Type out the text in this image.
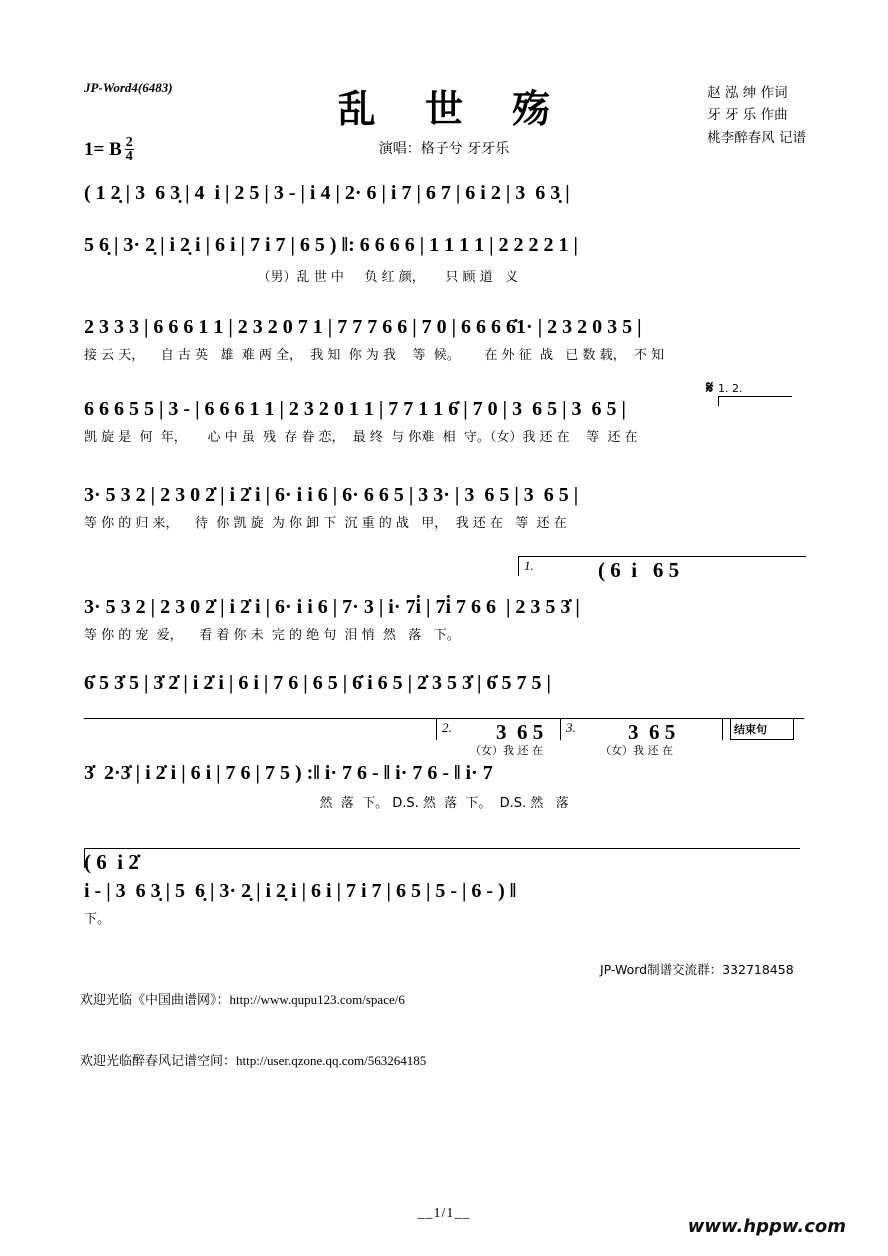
JP-Word4(6483)	乱 世 殇
演唱：格子兮 牙牙乐
1= B $\frac{2}{4}$
赵 泓 绅 作词
牙 牙 乐 作曲
桃李醉春风 记谱
( 1 2̣ | 3  6 3̣ | 4  i | 2 5 | 3 - | i 4 | 2· 6 | i 7 | 6 7 | 6 i 2 | 3  6 3̣ |
5 6̣ | 3· 2̣ | i 2̣ i | 6 i | 7 i 7 | 6 5 ) ‖: 6 6 6 6 | 1 1 1 1 | 2 2 2 2 1 |
（男）乱 世 中     负 红 颜，     只 顾 道   义
2 3 3 3 | 6 6 6 1 1 | 2 3 2 0 7 1 | 7 7 7 6 6 | 7 0 | 6 6 6 6̇1· | 2 3 2 0 3 5 |
接 云 天，    自 古 英   雄  难 两 全，  我 知  你 为 我    等  候。      在 外 征  战   已 数 载，  不 知
6 6 6 5 5 | 3 - | 6 6 6 1 1 | 2 3 2 0 1 1 | 7 7 1 1 6̇ | 7 0 | 3  6 5 | 3  6 5 |
凯 旋 是  何  年，     心 中 虽  残  存 眷 恋，  最 终  与 你难  相  守。（女）我 还 在    等  还 在
1. 2.
𝄋
3· 5 3 2 | 2 3 0 2̇ | i 2̇ i | 6· i i 6 | 6· 6 6 5 | 3 3· | 3  6 5 | 3  6 5 |
等 你 的 归 来，    待  你 凯 旋  为 你 卸 下  沉 重 的 战   甲，  我 还 在   等  还 在
1.	( 6  i   6 5
3· 5 3 2 | 2 3 0 2̇ | i 2̇ i | 6· i i 6 | 7· 3 | i· 7i̇ | 7i̇ 7 6 6  | 2 3 5 3̇ |
等 你 的 宠  爱，    看 着 你 未  完 的 绝 句  泪 悄  然   落   下。
6̇ 5 3̇ 5 | 3̇ 2̇ | i 2̇ i | 6 i | 7 6 | 6 5 | 6̇ i 6 5 | 2̇ 3 5 3̇ | 6̇ 5 7 5 |
2. 3  6 5 3. 3  6 5	结束句
（女）我 还 在	（女）我 还 在
3̇  2·3̇ | i 2̇ i | 6 i | 7 6 | 7 5 ) :‖ i· 7 6 - ‖ i· 7 6 - ‖ i· 7
然  落  下。 D.S. 然  落  下。  D.S. 然   落
( 6  i 2̇
i - | 3  6 3̣ | 5  6̣ | 3· 2̣ | i 2̣ i | 6 i | 7 i 7 | 6 5 | 5 - | 6 - ) ‖
下。

欢迎光临《中国曲谱网》：http://www.qupu123.com/space/6

欢迎光临醉春风记谱空间：http://user.qzone.qq.com/563264185

JP-Word制谱交流群：332718458
__1/1__
www.hppw.com
